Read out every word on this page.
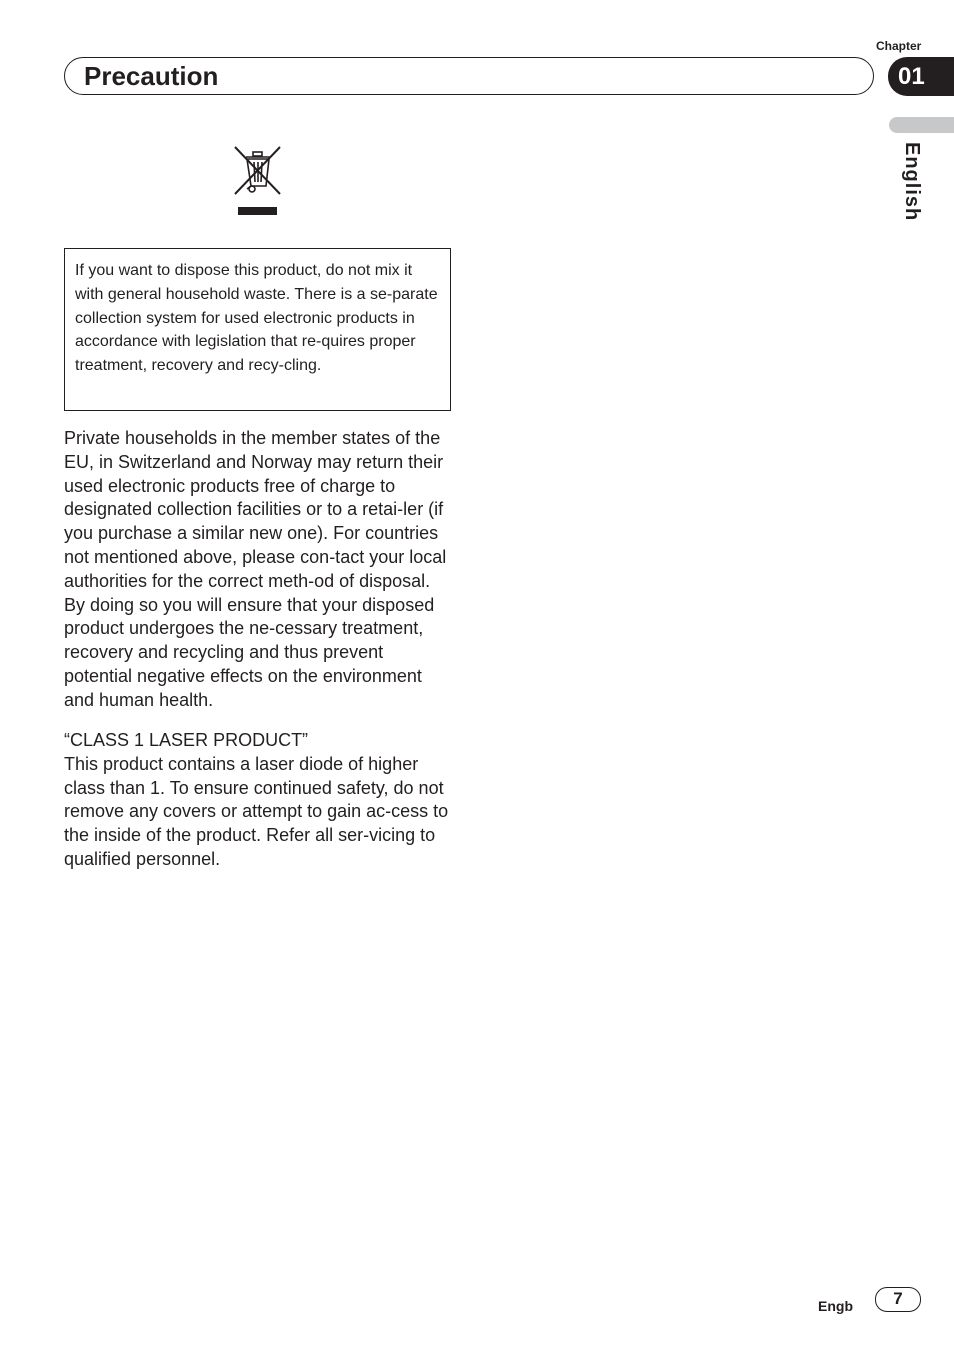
Chapter
Precaution	01
English
If you want to dispose this product, do not mix it with general household waste. There is a se-parate collection system for used electronic products in accordance with legislation that re-quires proper treatment, recovery and recy-cling.

Private households in the member states of the EU, in Switzerland and Norway may return their used electronic products free of charge to designated collection facilities or to a retai-ler (if you purchase a similar new one). For countries not mentioned above, please con-tact your local authorities for the correct meth-od of disposal. By doing so you will ensure that your disposed product undergoes the ne-cessary treatment, recovery and recycling and thus prevent potential negative effects on the environment and human health.

“CLASS 1 LASER PRODUCT”
This product contains a laser diode of higher class than 1. To ensure continued safety, do not remove any covers or attempt to gain ac-cess to the inside of the product. Refer all ser-vicing to qualified personnel.
Engb	7
